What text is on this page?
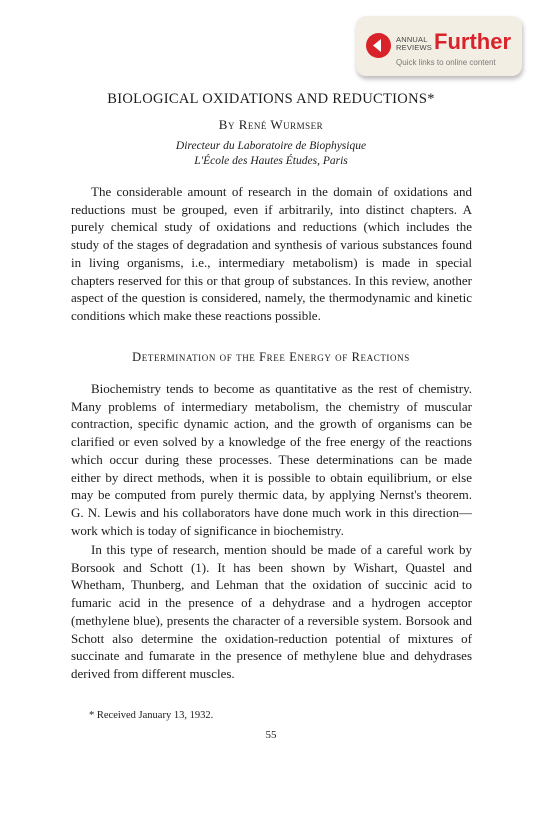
ANNUAL
REVIEWS Further
Quick links to online content
BIOLOGICAL OXIDATIONS AND REDUCTIONS*
By René Wurmser
Directeur du Laboratoire de Biophysique
L'École des Hautes Études, Paris

The considerable amount of research in the domain of oxidations and reductions must be grouped, even if arbitrarily, into distinct chapters. A purely chemical study of oxidations and reductions (which includes the study of the stages of degradation and synthesis of various substances found in living organisms, i.e., intermediary metabolism) is made in special chapters reserved for this or that group of substances. In this review, another aspect of the question is considered, namely, the thermodynamic and kinetic conditions which make these reactions possible.

Determination of the Free Energy of Reactions

Biochemistry tends to become as quantitative as the rest of chemistry. Many problems of intermediary metabolism, the chemistry of muscular contraction, specific dynamic action, and the growth of organisms can be clarified or even solved by a knowledge of the free energy of the reactions which occur during these processes. These determinations can be made either by direct methods, when it is possible to obtain equilibrium, or else may be computed from purely thermic data, by applying Nernst's theorem. G. N. Lewis and his collaborators have done much work in this direction—work which is today of significance in biochemistry.

In this type of research, mention should be made of a careful work by Borsook and Schott (1). It has been shown by Wishart, Quastel and Whetham, Thunberg, and Lehman that the oxidation of succinic acid to fumaric acid in the presence of a dehydrase and a hydrogen acceptor (methylene blue), presents the character of a reversible system. Borsook and Schott also determine the oxidation-reduction potential of mixtures of succinate and fumarate in the presence of methylene blue and dehydrases derived from different muscles.

* Received January 13, 1932.
55
